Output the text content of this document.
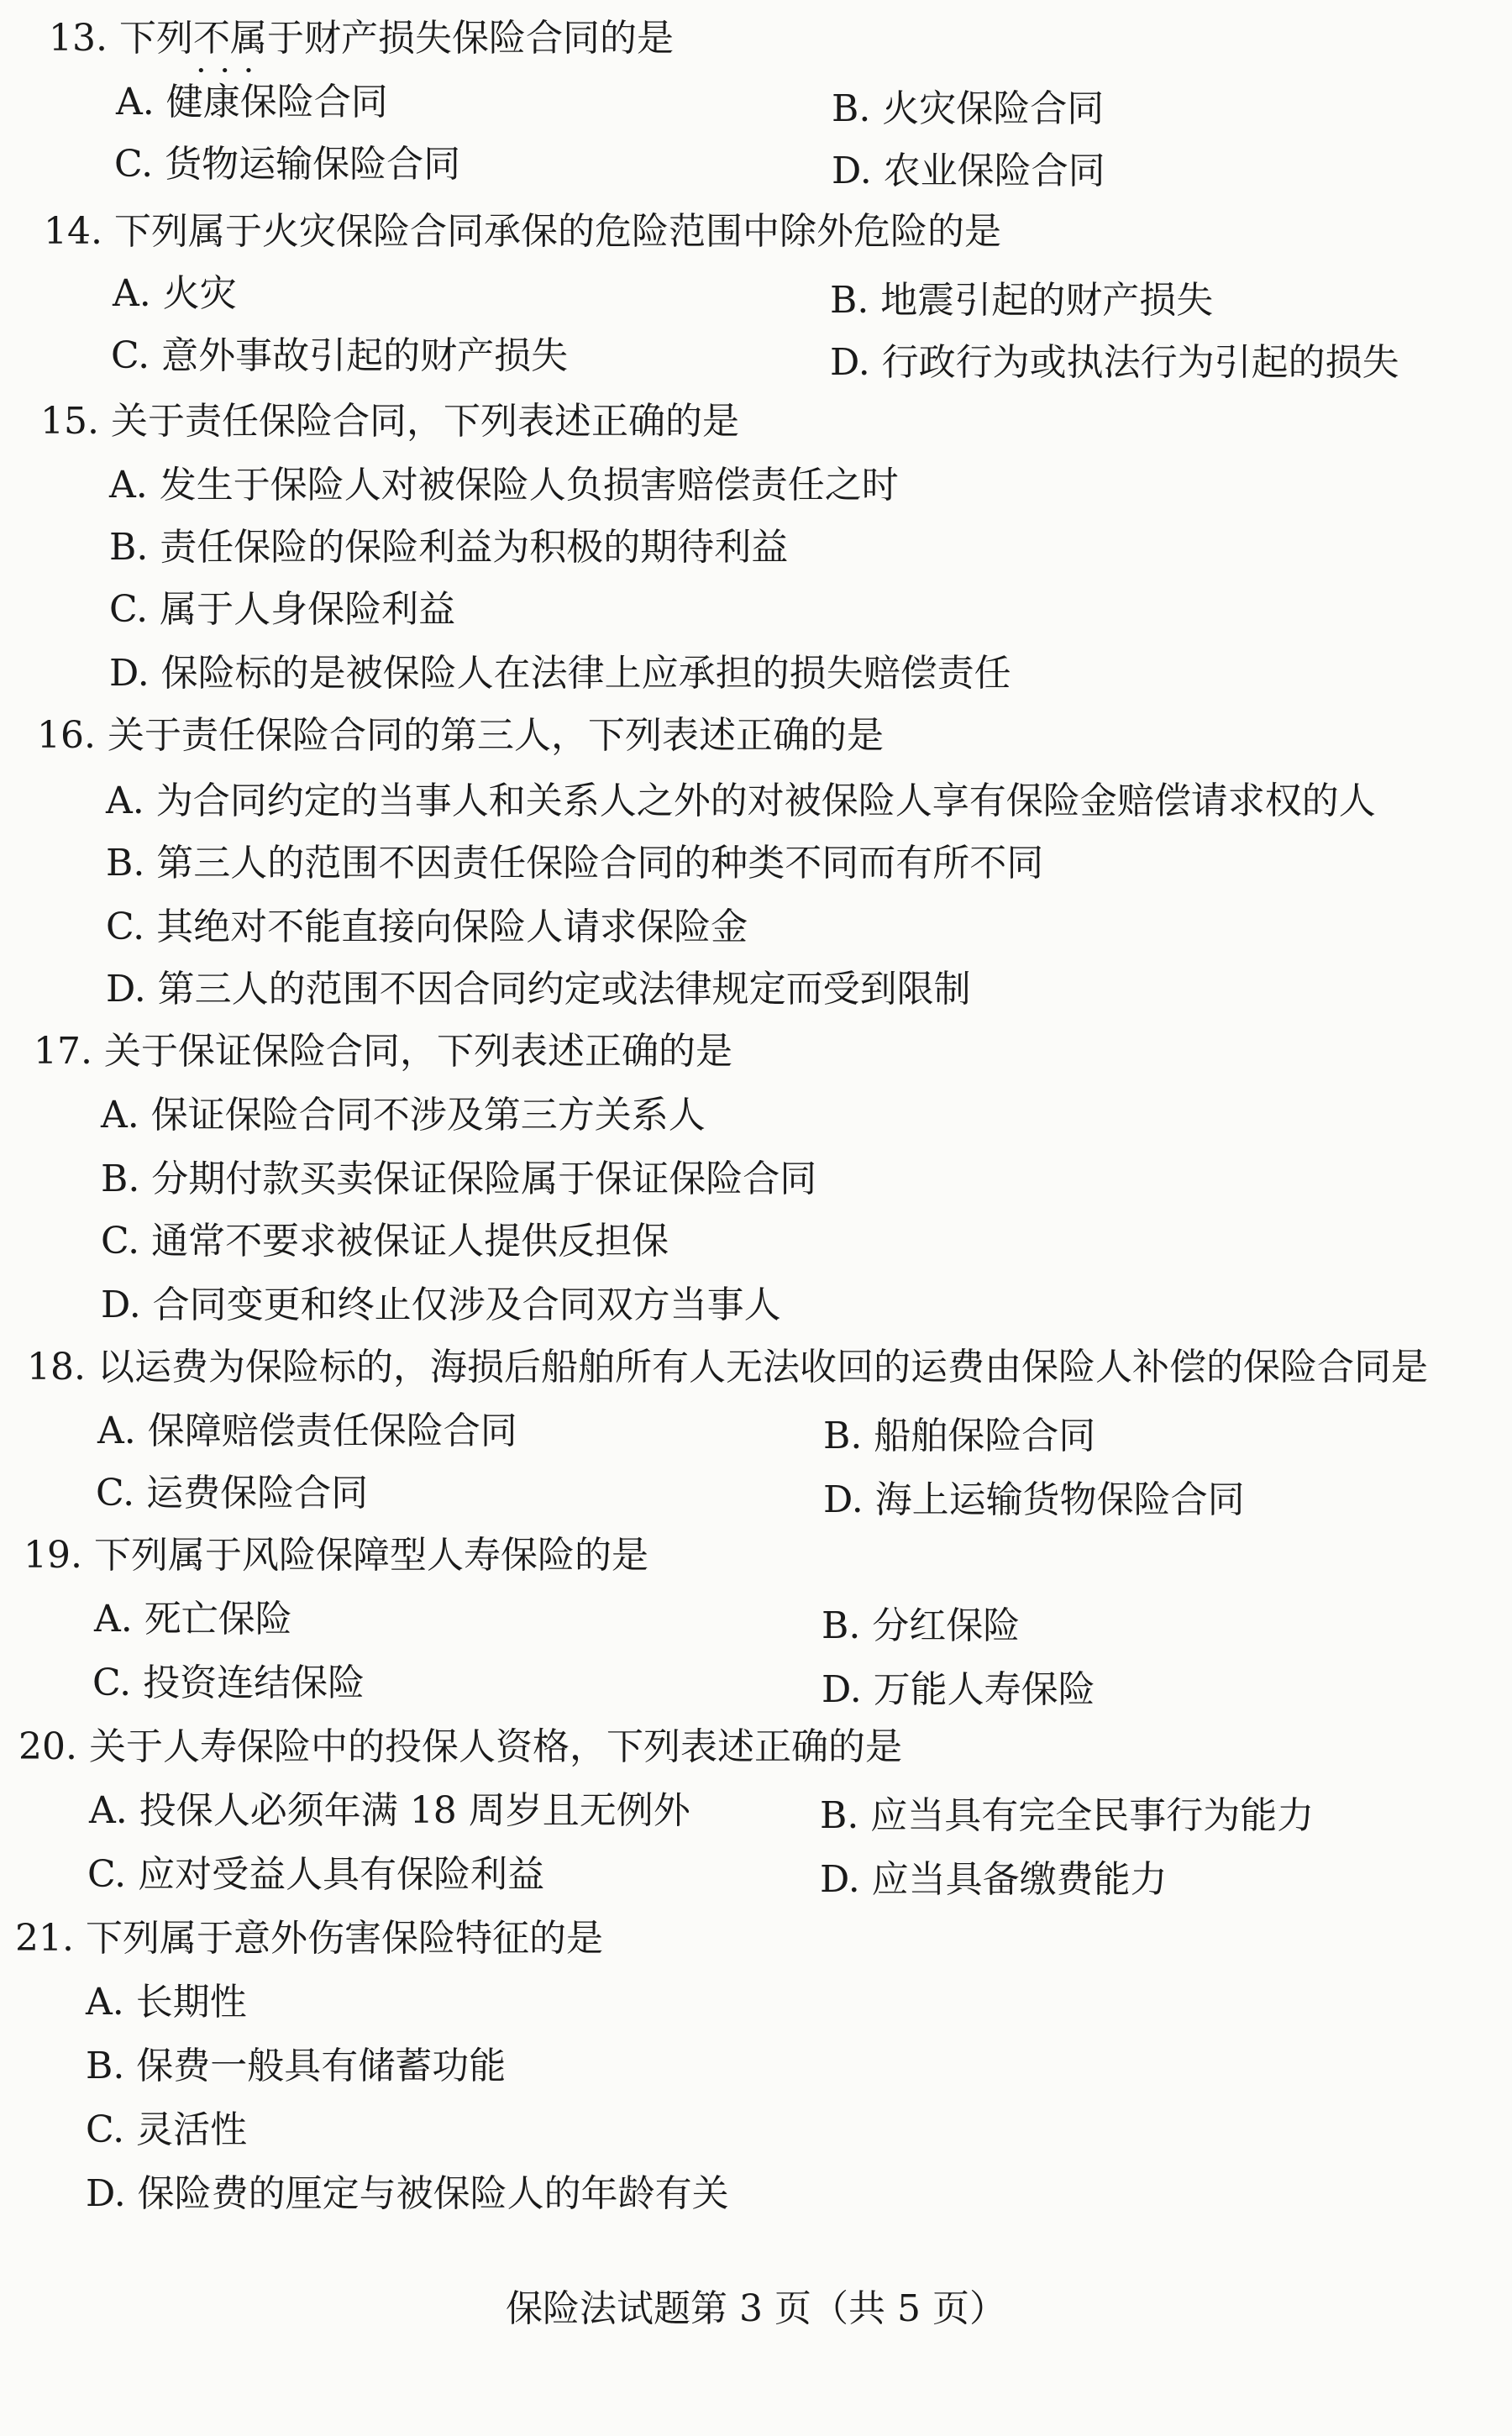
13. 下列不属于 • • •财产损失保险合同的是
A. 健康保险合同	B. 火灾保险合同
C. 货物运输保险合同	D. 农业保险合同
14. 下列属于火灾保险合同承保的危险范围中除外危险的是
A. 火灾	B. 地震引起的财产损失
C. 意外事故引起的财产损失	D. 行政行为或执法行为引起的损失
15. 关于责任保险合同，下列表述正确的是
A. 发生于保险人对被保险人负损害赔偿责任之时
B. 责任保险的保险利益为积极的期待利益
C. 属于人身保险利益
D. 保险标的是被保险人在法律上应承担的损失赔偿责任
16. 关于责任保险合同的第三人，下列表述正确的是
A. 为合同约定的当事人和关系人之外的对被保险人享有保险金赔偿请求权的人
B. 第三人的范围不因责任保险合同的种类不同而有所不同
C. 其绝对不能直接向保险人请求保险金
D. 第三人的范围不因合同约定或法律规定而受到限制
17. 关于保证保险合同，下列表述正确的是
A. 保证保险合同不涉及第三方关系人
B. 分期付款买卖保证保险属于保证保险合同
C. 通常不要求被保证人提供反担保
D. 合同变更和终止仅涉及合同双方当事人
18. 以运费为保险标的，海损后船舶所有人无法收回的运费由保险人补偿的保险合同是
A. 保障赔偿责任保险合同	B. 船舶保险合同
C. 运费保险合同	D. 海上运输货物保险合同
19. 下列属于风险保障型人寿保险的是
A. 死亡保险	B. 分红保险
C. 投资连结保险	D. 万能人寿保险
20. 关于人寿保险中的投保人资格，下列表述正确的是
A. 投保人必须年满 18 周岁且无例外	B. 应当具有完全民事行为能力
C. 应对受益人具有保险利益	D. 应当具备缴费能力
21. 下列属于意外伤害保险特征的是
A. 长期性
B. 保费一般具有储蓄功能
C. 灵活性
D. 保险费的厘定与被保险人的年龄有关
保险法试题第 3 页（共 5 页）
